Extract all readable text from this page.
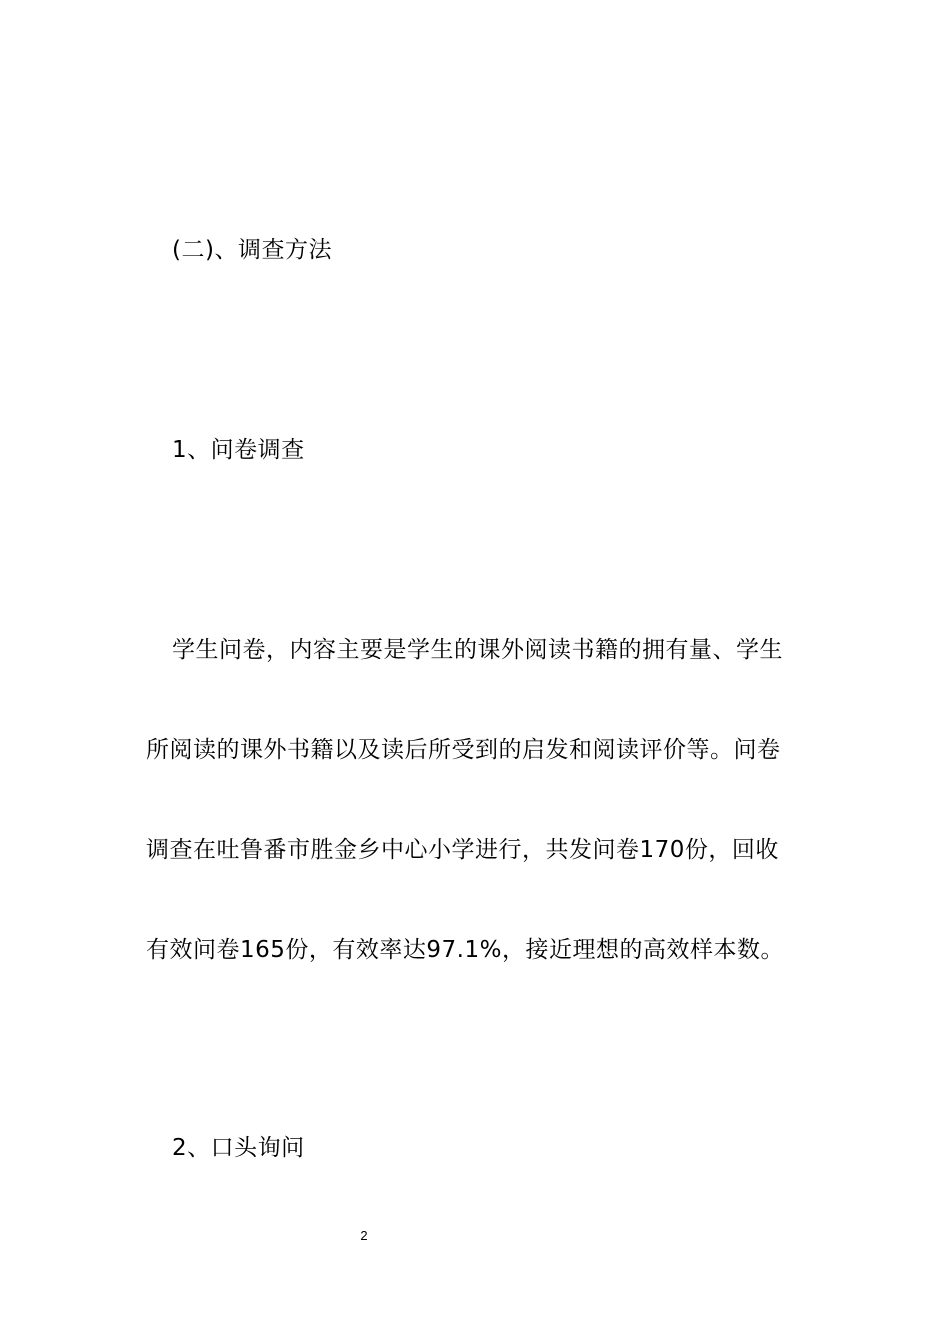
(二)、调查方法

1、问卷调查

学生问卷，内容主要是学生的课外阅读书籍的拥有量、学生

所阅读的课外书籍以及读后所受到的启发和阅读评价等。问卷

调查在吐鲁番市胜金乡中心小学进行，共发问卷170份，回收

有效问卷165份，有效率达97.1%，接近理想的高效样本数。

2、口头询问

2
